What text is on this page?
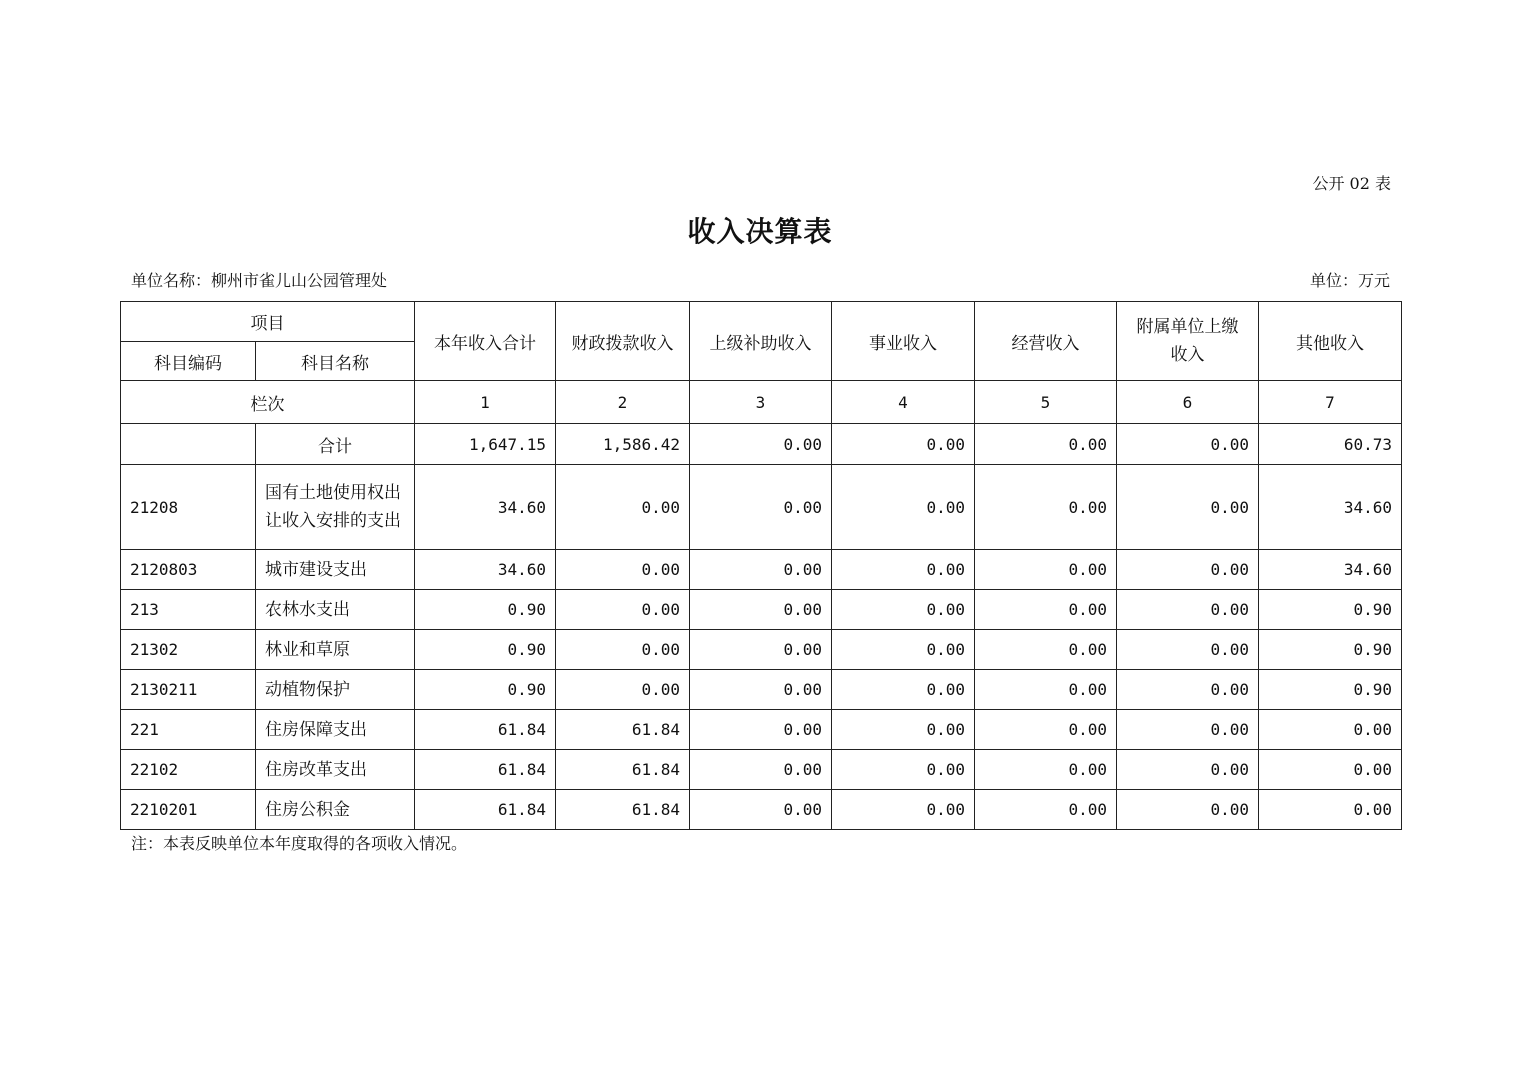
公开 02 表
收入决算表
单位名称：柳州市雀儿山公园管理处	单位：万元
项目		本年收入合计	财政拨款收入	上级补助收入	事业收入	经营收入	附属单位上缴收入	其他收入
科目编码	科目名称							
栏次		1	2	3	4	5	6	7
	合计	1,647.15	1,586.42	0.00	0.00	0.00	0.00	60.73
21208	国有土地使用权出让收入安排的支出	34.60	0.00	0.00	0.00	0.00	0.00	34.60
2120803	城市建设支出	34.60	0.00	0.00	0.00	0.00	0.00	34.60
213	农林水支出	0.90	0.00	0.00	0.00	0.00	0.00	0.90
21302	林业和草原	0.90	0.00	0.00	0.00	0.00	0.00	0.90
2130211	动植物保护	0.90	0.00	0.00	0.00	0.00	0.00	0.90
221	住房保障支出	61.84	61.84	0.00	0.00	0.00	0.00	0.00
22102	住房改革支出	61.84	61.84	0.00	0.00	0.00	0.00	0.00
2210201	住房公积金	61.84	61.84	0.00	0.00	0.00	0.00	0.00
注：本表反映单位本年度取得的各项收入情况。
